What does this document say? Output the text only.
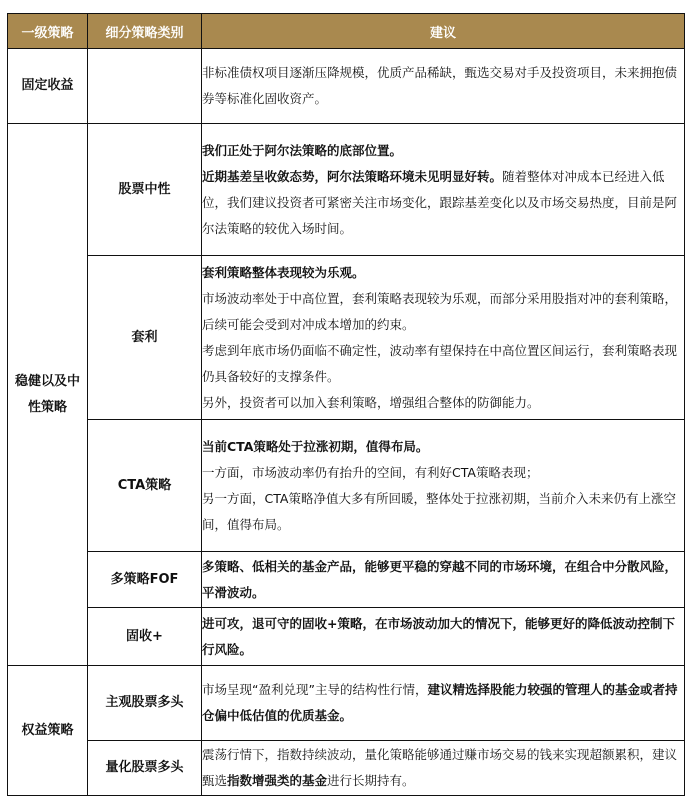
一级策略	细分策略类别	建议
固定收益		非标准债权项目逐渐压降规模，优质产品稀缺，甄选交易对手及投资项目，未来拥抱债券等标准化固收资产。

稳健以及中性策略	股票中性	我们正处于阿尔法策略的底部位置。

近期基差呈收敛态势，阿尔法策略环境未见明显好转。随着整体对冲成本已经进入低位，我们建议投资者可紧密关注市场变化，跟踪基差变化以及市场交易热度，目前是阿尔法策略的较优入场时间。

	套利	套利策略整体表现较为乐观。

市场波动率处于中高位置，套利策略表现较为乐观，而部分采用股指对冲的套利策略，后续可能会受到对冲成本增加的约束。

考虑到年底市场仍面临不确定性，波动率有望保持在中高位置区间运行，套利策略表现仍具备较好的支撑条件。

另外，投资者可以加入套利策略，增强组合整体的防御能力。

	CTA策略	当前CTA策略处于拉涨初期，值得布局。

一方面，市场波动率仍有抬升的空间，有利好CTA策略表现；

另一方面，CTA策略净值大多有所回暖，整体处于拉涨初期，当前介入未来仍有上涨空间，值得布局。

	多策略FOF	多策略、低相关的基金产品，能够更平稳的穿越不同的市场环境，在组合中分散风险，平滑波动。

	固收+	进可攻，退可守的固收+策略，在市场波动加大的情况下，能够更好的降低波动控制下行风险。

权益策略	主观股票多头	市场呈现“盈利兑现”主导的结构性行情，建议精选择股能力较强的管理人的基金或者持仓偏中低估值的优质基金。

	量化股票多头	震荡行情下，指数持续波动，量化策略能够通过赚市场交易的钱来实现超额累积，建议甄选指数增强类的基金进行长期持有。
